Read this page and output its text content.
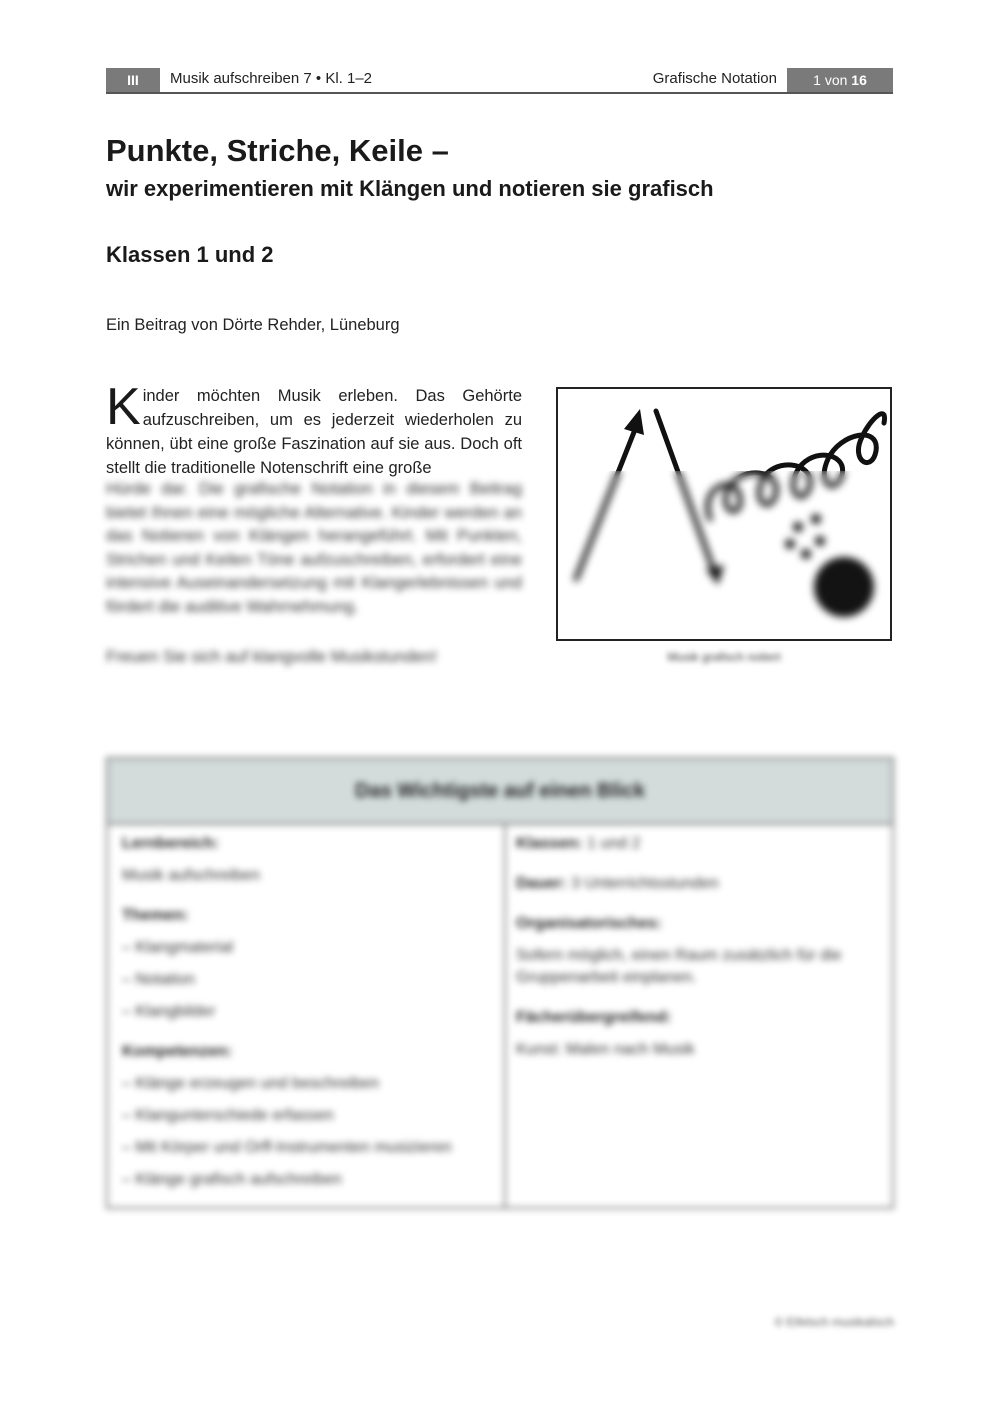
III	Musik aufschreiben 7 • Kl. 1–2	Grafische Notation	1 von 16
Punkte, Striche, Keile –
wir experimentieren mit Klängen und notieren sie grafisch
Klassen 1 und 2
Ein Beitrag von Dörte Rehder, Lüneburg

Kinder möchten Musik erleben. Das Gehörte aufzuschreiben, um es jederzeit wiederholen zu können, übt eine große Faszination auf sie aus. Doch oft stellt die traditionelle Notenschrift eine große

Hürde dar. Die grafische Notation in diesem Beitrag bietet Ihnen eine mögliche Alternative. Kinder werden an das Notieren von Klängen herangeführt. Mit Punkten, Strichen und Keilen Töne aufzuschreiben, erfordert eine intensive Auseinandersetzung mit Klangerlebnissen und fördert die auditive Wahrnehmung.

Freuen Sie sich auf klangvolle Musikstunden!	Musik grafisch notiert
Das Wichtigste auf einen Blick

Lernbereich:

Musik aufschreiben

Themen:

– Klangmaterial
– Notation
– Klangbilder

Kompetenzen:

– Klänge erzeugen und beschreiben
– Klangunterschiede erfassen
– Mit Körper und Orff-Instrumenten musizieren
– Klänge grafisch aufschreiben

Klassen: 1 und 2

Dauer: 3 Unterrichtsstunden

Organisatorisches:

Sofern möglich, einen Raum zusätzlich für die Gruppenarbeit einplanen.

Fächerübergreifend:

Kunst: Malen nach Musik

© Eifelsch musikalisch
